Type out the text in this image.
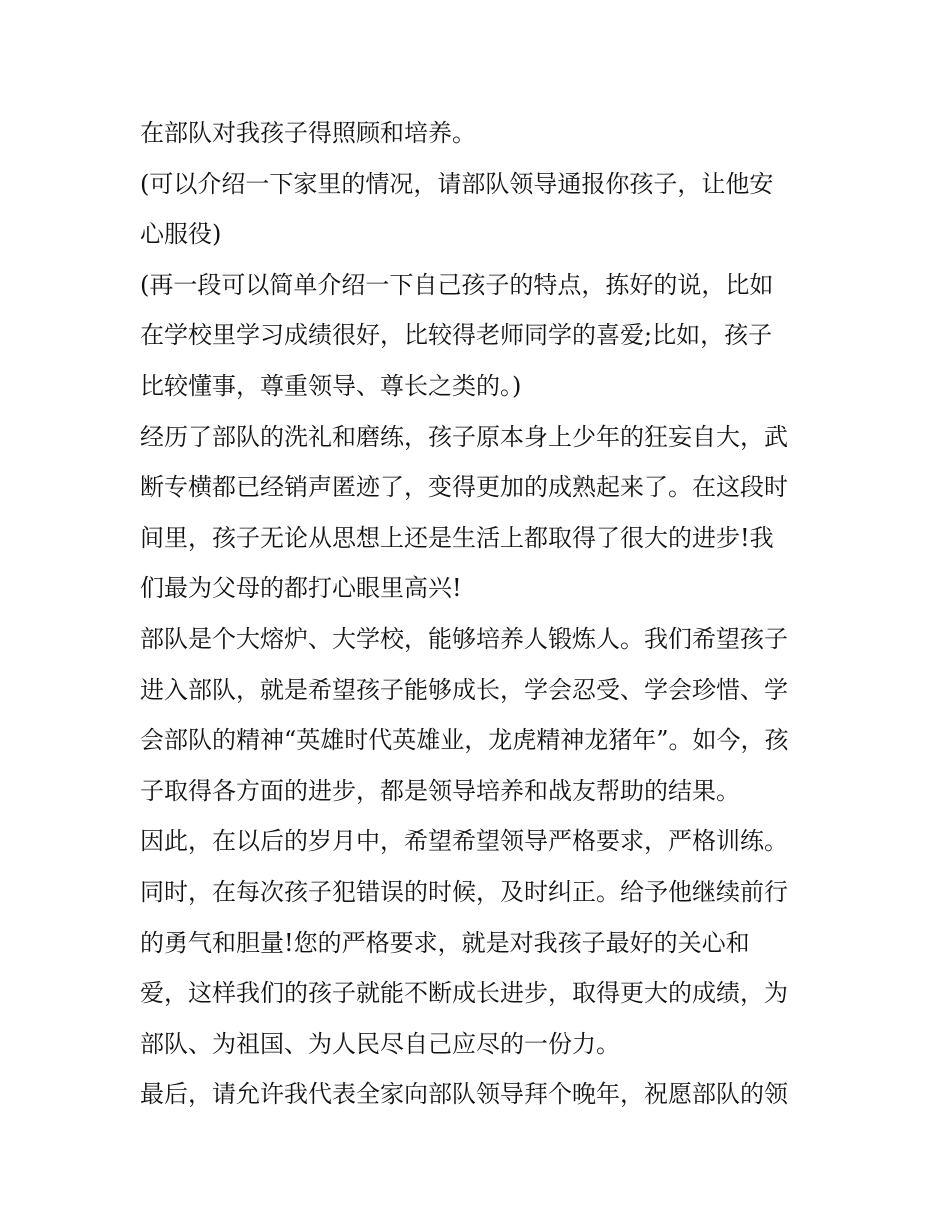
在部队对我孩子得照顾和培养。
(可以介绍一下家里的情况，请部队领导通报你孩子，让他安
心服役)
(再一段可以简单介绍一下自己孩子的特点，拣好的说，比如
在学校里学习成绩很好，比较得老师同学的喜爱;比如，孩子
比较懂事，尊重领导、尊长之类的。)
经历了部队的洗礼和磨练，孩子原本身上少年的狂妄自大，武
断专横都已经销声匿迹了，变得更加的成熟起来了。在这段时
间里，孩子无论从思想上还是生活上都取得了很大的进步!我
们最为父母的都打心眼里高兴!
部队是个大熔炉、大学校，能够培养人锻炼人。我们希望孩子
进入部队，就是希望孩子能够成长，学会忍受、学会珍惜、学
会部队的精神“英雄时代英雄业，龙虎精神龙猪年”。如今，孩
子取得各方面的进步，都是领导培养和战友帮助的结果。
因此，在以后的岁月中，希望希望领导严格要求，严格训练。
同时，在每次孩子犯错误的时候，及时纠正。给予他继续前行
的勇气和胆量!您的严格要求，就是对我孩子最好的关心和
爱，这样我们的孩子就能不断成长进步，取得更大的成绩，为
部队、为祖国、为人民尽自己应尽的一份力。
最后，请允许我代表全家向部队领导拜个晚年，祝愿部队的领
